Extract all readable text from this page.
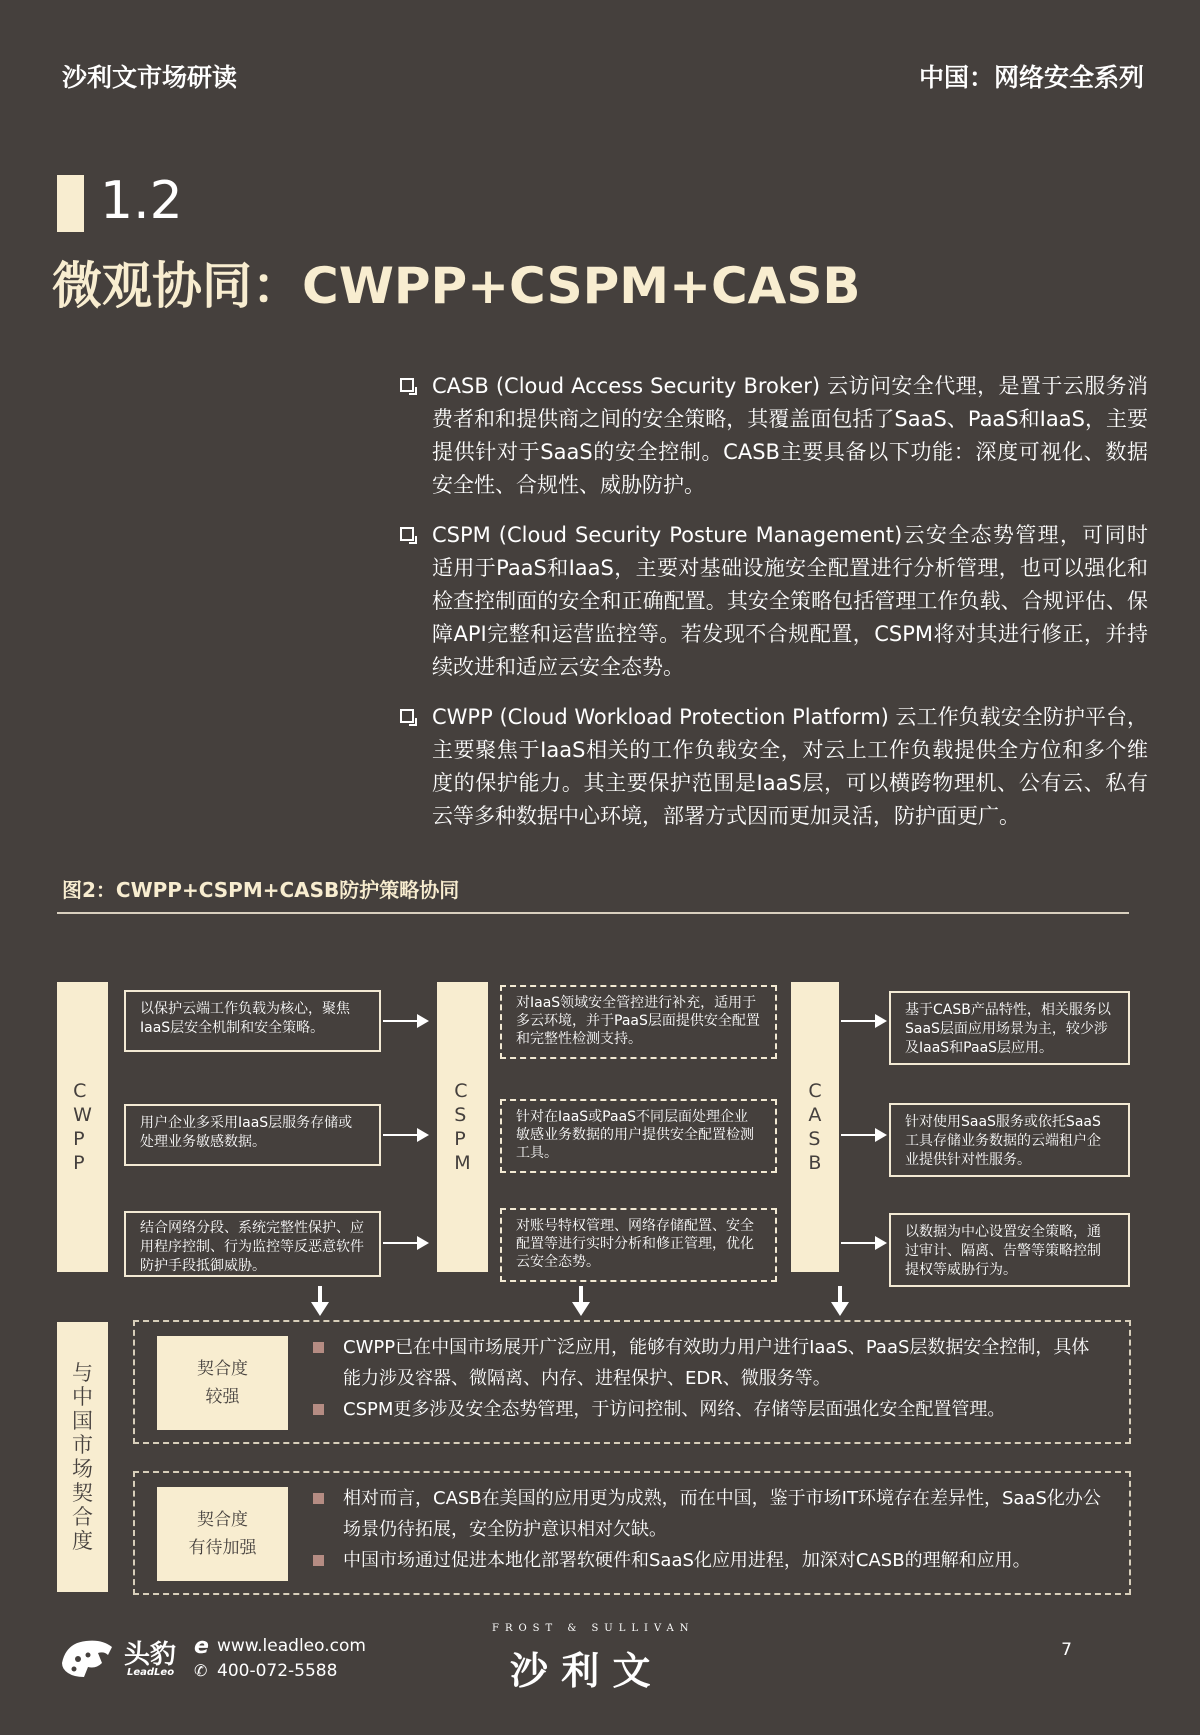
沙利文市场研读	中国：网络安全系列
1.2
微观协同：CWPP+CSPM+CASB
CASB (Cloud Access Security Broker) 云访问安全代理，是置于云服务消费者和和提供商之间的安全策略，其覆盖面包括了SaaS、PaaS和IaaS，主要提供针对于SaaS的安全控制。CASB主要具备以下功能：深度可视化、数据安全性、合规性、威胁防护。
CSPM (Cloud Security Posture Management)云安全态势管理，可同时适用于PaaS和IaaS，主要对基础设施安全配置进行分析管理，也可以强化和检查控制面的安全和正确配置。其安全策略包括管理工作负载、合规评估、保障API完整和运营监控等。若发现不合规配置，CSPM将对其进行修正，并持续改进和适应云安全态势。
CWPP (Cloud Workload Protection Platform) 云工作负载安全防护平台，主要聚焦于IaaS相关的工作负载安全，对云上工作负载提供全方位和多个维度的保护能力。其主要保护范围是IaaS层，可以横跨物理机、公有云、私有云等多种数据中心环境，部署方式因而更加灵活，防护面更广。
图2：CWPP+CSPM+CASB防护策略协同
C
W
P
P
C
S
P
M
C
A
S
B
以保护云端工作负载为核心，聚焦IaaS层安全机制和安全策略。
用户企业多采用IaaS层服务存储或处理业务敏感数据。
结合网络分段、系统完整性保护、应用程序控制、行为监控等反恶意软件防护手段抵御威胁。
对IaaS领域安全管控进行补充，适用于多云环境，并于PaaS层面提供安全配置和完整性检测支持。
针对在IaaS或PaaS不同层面处理企业敏感业务数据的用户提供安全配置检测工具。
对账号特权管理、网络存储配置、安全配置等进行实时分析和修正管理，优化云安全态势。
基于CASB产品特性，相关服务以SaaS层面应用场景为主，较少涉及IaaS和PaaS层应用。
针对使用SaaS服务或依托SaaS工具存储业务数据的云端租户企业提供针对性服务。
以数据为中心设置安全策略，通过审计、隔离、告警等策略控制提权等威胁行为。
与
中
国
市
场
契
合
度
契合度
较强
CWPP已在中国市场展开广泛应用，能够有效助力用户进行IaaS、PaaS层数据安全控制，具体能力涉及容器、微隔离、内存、进程保护、EDR、微服务等。
CSPM更多涉及安全态势管理，于访问控制、网络、存储等层面强化安全配置管理。
契合度
有待加强
相对而言，CASB在美国的应用更为成熟，而在中国，鉴于市场IT环境存在差异性，SaaS化办公场景仍待拓展，安全防护意识相对欠缺。
中国市场通过促进本地化部署软硬件和SaaS化应用进程，加深对CASB的理解和应用。
头豹
LeadLeo
e www.leadleo.com
✆ 400-072-5588
FROST & SULLIVAN
沙 利 文	7
